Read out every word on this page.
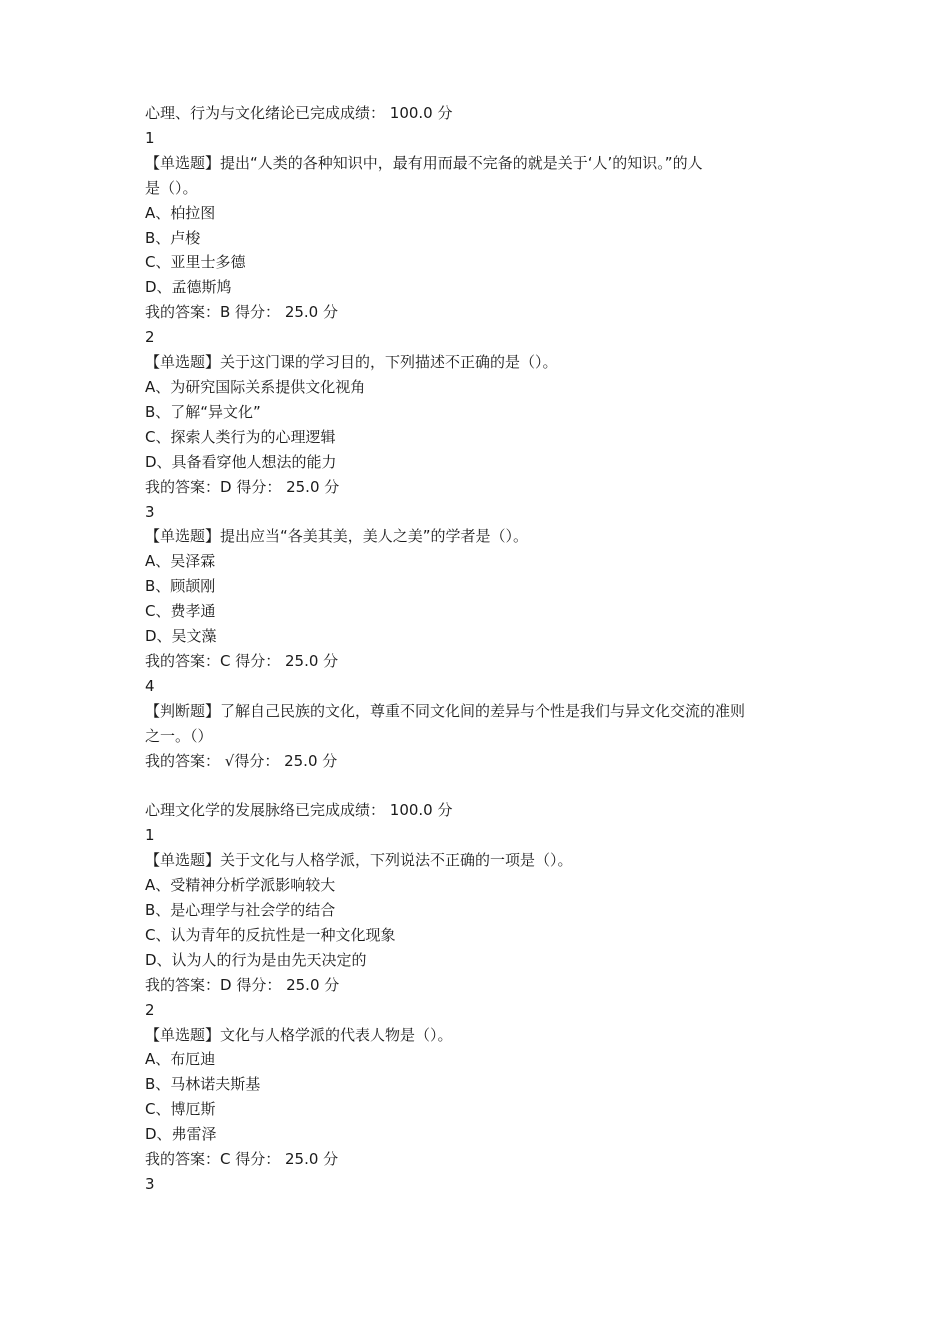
心理、行为与文化绪论已完成成绩： 100.0 分
1
【单选题】提出“人类的各种知识中，最有用而最不完备的就是关于‘人’的知识。”的人
是（）。
A、柏拉图
B、卢梭
C、亚里士多德
D、孟德斯鸠
我的答案：B 得分： 25.0 分
2
【单选题】关于这门课的学习目的，下列描述不正确的是（）。
A、为研究国际关系提供文化视角
B、了解“异文化”
C、探索人类行为的心理逻辑
D、具备看穿他人想法的能力
我的答案：D 得分： 25.0 分
3
【单选题】提出应当“各美其美，美人之美”的学者是（）。
A、吴泽霖
B、顾颉刚
C、费孝通
D、吴文藻
我的答案：C 得分： 25.0 分
4
【判断题】了解自己民族的文化，尊重不同文化间的差异与个性是我们与异文化交流的准则
之一。（）
我的答案： √得分： 25.0 分
心理文化学的发展脉络已完成成绩： 100.0 分
1
【单选题】关于文化与人格学派，下列说法不正确的一项是（）。
A、受精神分析学派影响较大
B、是心理学与社会学的结合
C、认为青年的反抗性是一种文化现象
D、认为人的行为是由先天决定的
我的答案：D 得分： 25.0 分
2
【单选题】文化与人格学派的代表人物是（）。
A、布厄迪
B、马林诺夫斯基
C、博厄斯
D、弗雷泽
我的答案：C 得分： 25.0 分
3
